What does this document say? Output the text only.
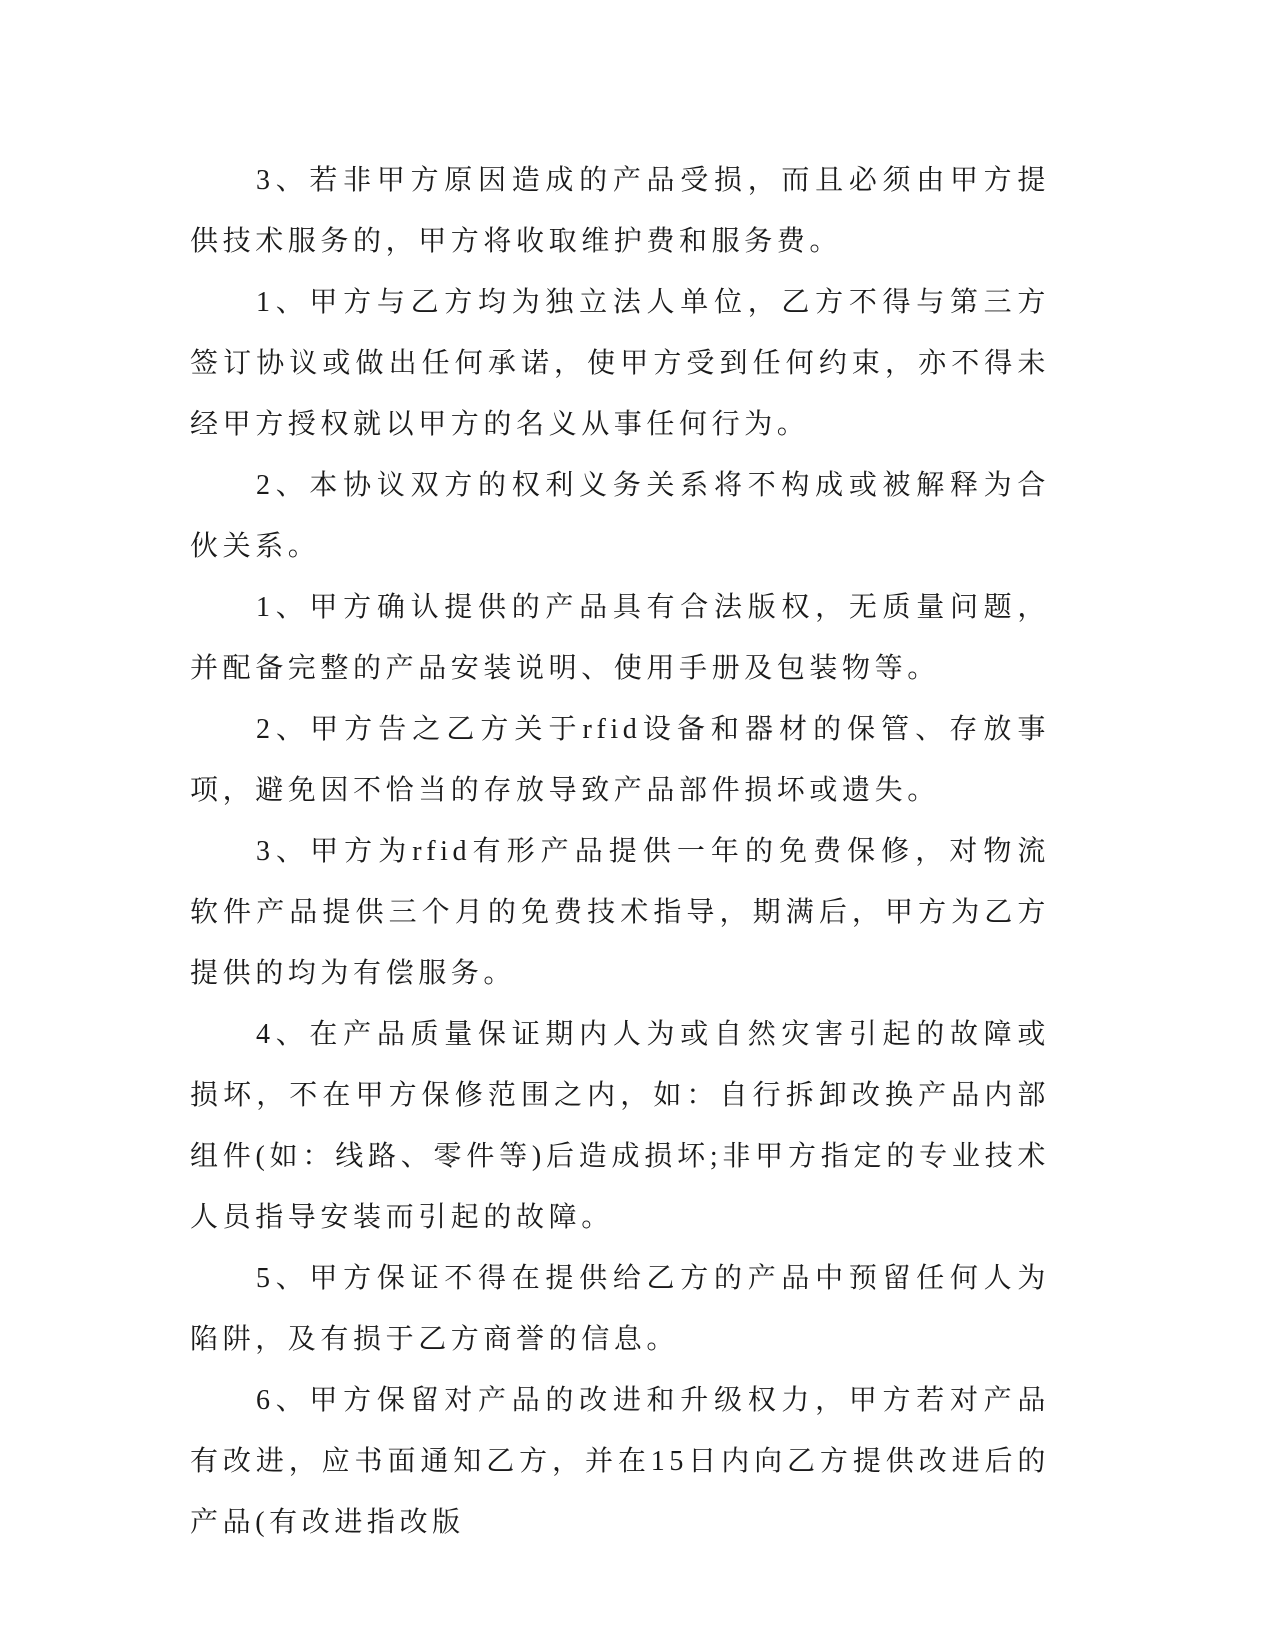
3、若非甲方原因造成的产品受损，而且必须由甲方提供技术服务的，甲方将收取维护费和服务费。

1、甲方与乙方均为独立法人单位，乙方不得与第三方签订协议或做出任何承诺，使甲方受到任何约束，亦不得未经甲方授权就以甲方的名义从事任何行为。

2、本协议双方的权利义务关系将不构成或被解释为合伙关系。

1、甲方确认提供的产品具有合法版权，无质量问题，并配备完整的产品安装说明、使用手册及包装物等。

2、甲方告之乙方关于rfid设备和器材的保管、存放事项，避免因不恰当的存放导致产品部件损坏或遗失。

3、甲方为rfid有形产品提供一年的免费保修，对物流软件产品提供三个月的免费技术指导，期满后，甲方为乙方提供的均为有偿服务。

4、在产品质量保证期内人为或自然灾害引起的故障或损坏，不在甲方保修范围之内，如：自行拆卸改换产品内部组件(如：线路、零件等)后造成损坏;非甲方指定的专业技术人员指导安装而引起的故障。

5、甲方保证不得在提供给乙方的产品中预留任何人为陷阱，及有损于乙方商誉的信息。

6、甲方保留对产品的改进和升级权力，甲方若对产品有改进，应书面通知乙方，并在15日内向乙方提供改进后的产品(有改进指改版
